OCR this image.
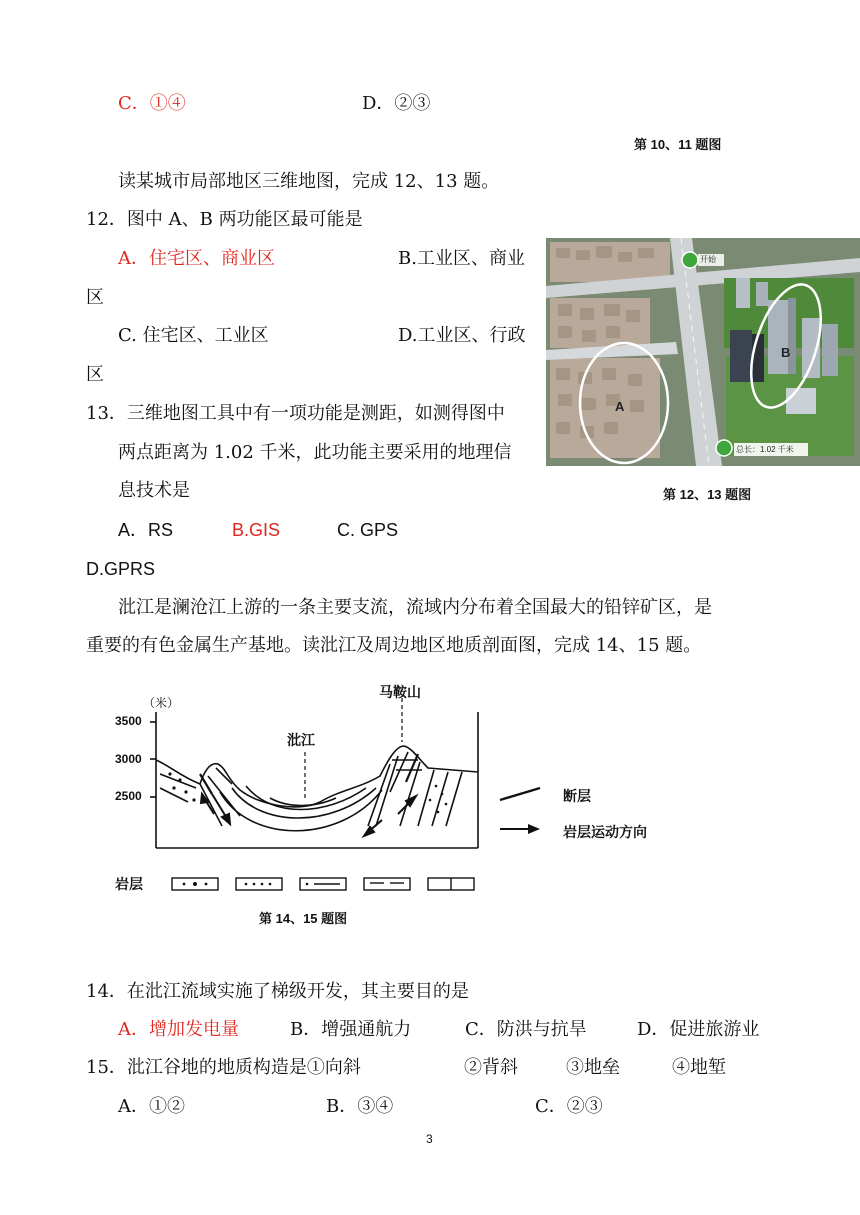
C．①④	D．②③
第 10、11 题图
读某城市局部地区三维地图，完成 12、13 题。
12．图中 A、B 两功能区最可能是
A．住宅区、商业区	B.工业区、商业
区
C. 住宅区、工业区	D.工业区、行政
区
13．三维地图工具中有一项功能是测距，如测得图中
两点距离为 1.02 千米，此功能主要采用的地理信
息技术是
A．RS	B.GIS	C. GPS
D.GPRS
A
B
开始
总长：1.02 千米
第 12、13 题图
沘江是澜沧江上游的一条主要支流，流域内分布着全国最大的铅锌矿区，是
重要的有色金属生产基地。读沘江及周边地区地质剖面图，完成 14、15 题。
（米）
3500
3000
2500
马鞍山
沘江
断层
岩层运动方向
岩层
第 14、15 题图
14．在沘江流域实施了梯级开发，其主要目的是
A．增加发电量	B．增强通航力	C．防洪与抗旱	D．促进旅游业
15．沘江谷地的地质构造是①向斜	②背斜	③地垒	④地堑
A．①②	B．③④	C．②③
3
